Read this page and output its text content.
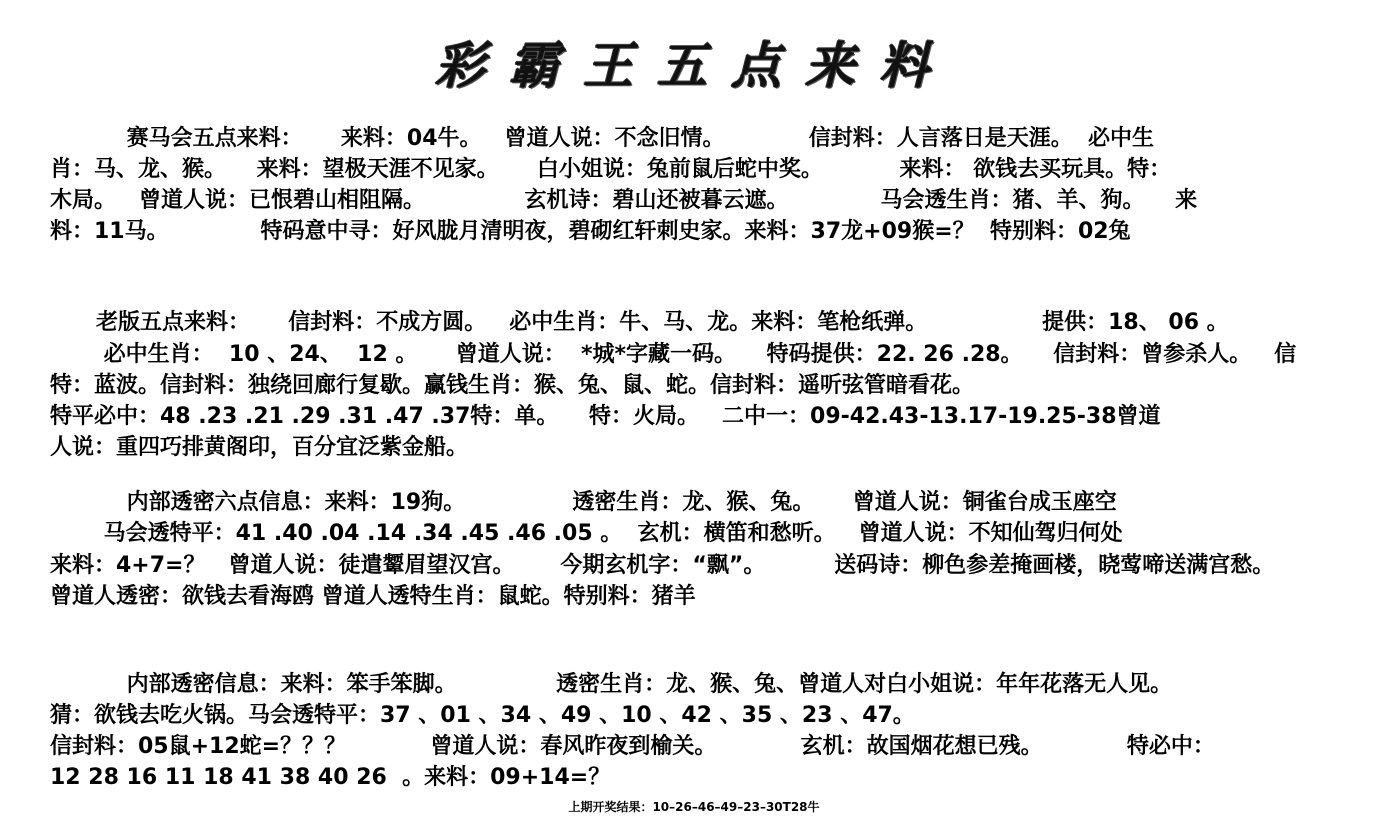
彩霸王五点来料
赛马会五点来料：     来料：04牛。   曾道人说：不念旧情。           信封料：人言落日是天涯。  必中生
肖：马、龙、猴。    来料：望极天涯不见家。     白小姐说：兔前鼠后蛇中奖。          来料： 欲钱去买玩具。特：
木局。   曾道人说：已恨碧山相阻隔。             玄机诗：碧山还被暮云遮。            马会透生肖：猪、羊、狗。    来
料：11马。            特码意中寻：好风胧月清明夜，碧砌红轩刺史家。来料：37龙+09猴=？  特别料：02兔
老版五点来料：     信封料：不成方圆。   必中生肖：牛、马、龙。来料：笔枪纸弹。               提供：18、 06 。
必中生肖：  10 、24、  12 。     曾道人说：  *城*字藏一码。    特码提供：22. 26 .28。    信封料：曾参杀人。   信
特：蓝波。信封料：独绕回廊行复歇。赢钱生肖：猴、兔、鼠、蛇。信封料：遥听弦管暗看花。
特平必中：48 .23 .21 .29 .31 .47 .37特：单。    特：火局。   二中一：09-42.43-13.17-19.25-38曾道
人说：重四巧排黄阁印，百分宜泛紫金船。
内部透密六点信息：来料：19狗。              透密生肖：龙、猴、兔。     曾道人说：铜雀台成玉座空
马会透特平：41 .40 .04 .14 .34 .45 .46 .05 。  玄机：横笛和愁听。   曾道人说：不知仙驾归何处
来料：4+7=？   曾道人说：徒遣颦眉望汉宫。      今期玄机字：“飘”。         送码诗：柳色参差掩画楼，晓莺啼送满宫愁。
曾道人透密：欲钱去看海鸥 曾道人透特生肖：鼠蛇。特别料：猪羊
内部透密信息：来料：笨手笨脚。             透密生肖：龙、猴、兔、曾道人对白小姐说：年年花落无人见。
猜：欲钱去吃火锅。马会透特平：37 、01 、34 、49 、10 、42 、35 、23 、47。
信封料：05鼠+12蛇=？？？           曾道人说：春风昨夜到榆关。           玄机：故国烟花想已残。           特必中：
12 28 16 11 18 41 38 40 26  。来料：09+14=？
上期开奖结果：10–26–46–49–23–30T28牛
